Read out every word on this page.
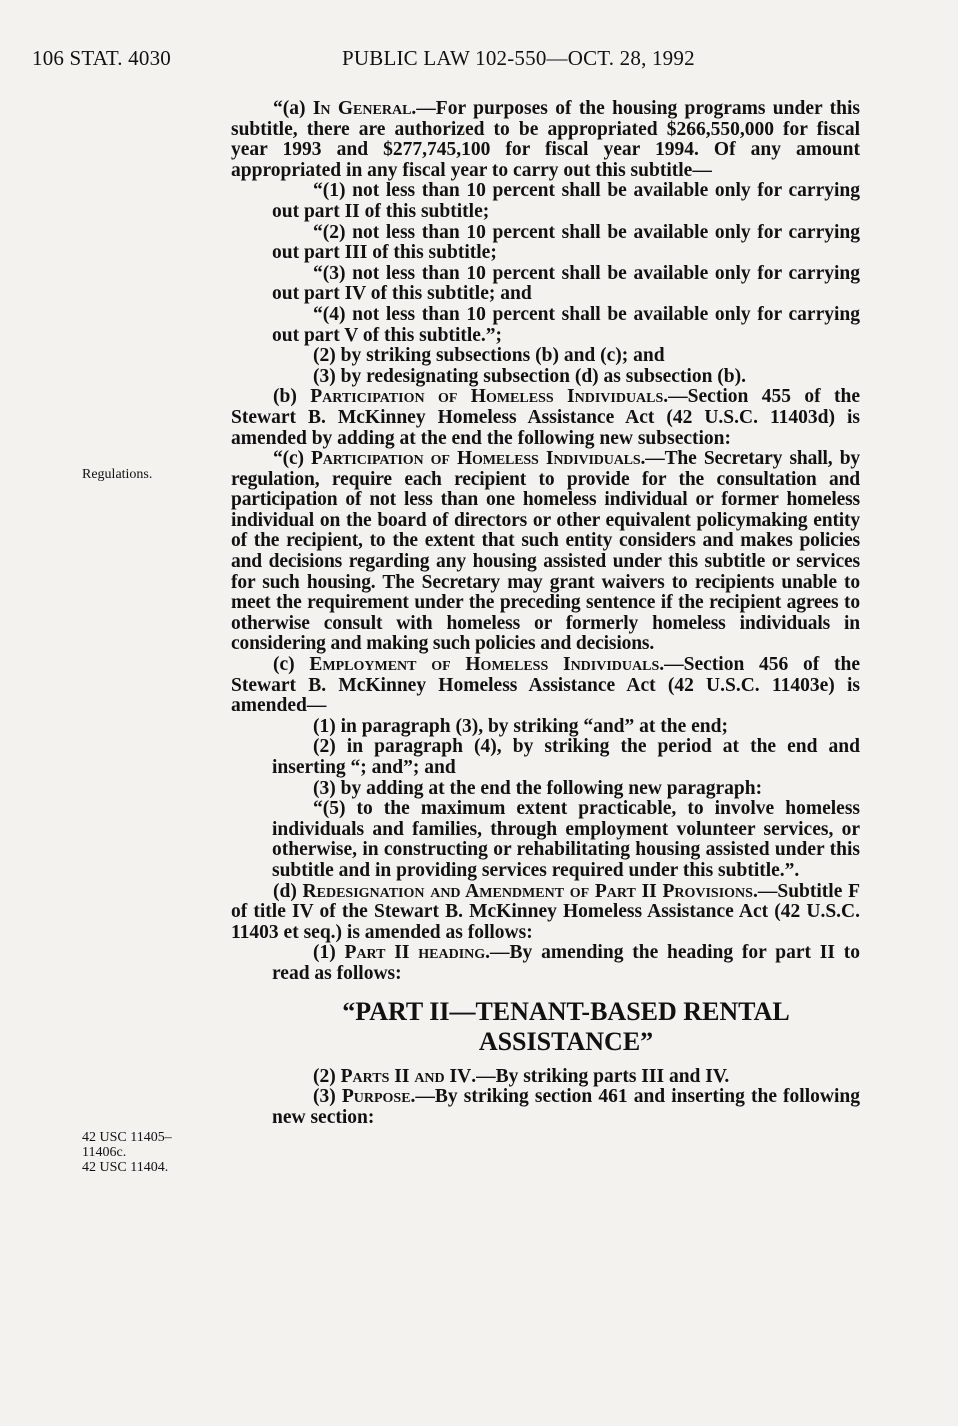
106 STAT. 4030	PUBLIC LAW 102-550—OCT. 28, 1992
Regulations.
42 USC 11405–
11406c.
42 USC 11404.

“(a) In General.—For purposes of the housing programs under this subtitle, there are authorized to be appropriated $266,550,000 for fiscal year 1993 and $277,745,100 for fiscal year 1994. Of any amount appropriated in any fiscal year to carry out this subtitle—

“(1) not less than 10 percent shall be available only for carrying out part II of this subtitle;

“(2) not less than 10 percent shall be available only for carrying out part III of this subtitle;

“(3) not less than 10 percent shall be available only for carrying out part IV of this subtitle; and

“(4) not less than 10 percent shall be available only for carrying out part V of this subtitle.”;

(2) by striking subsections (b) and (c); and

(3) by redesignating subsection (d) as subsection (b).

(b) Participation of Homeless Individuals.—Section 455 of the Stewart B. McKinney Homeless Assistance Act (42 U.S.C. 11403d) is amended by adding at the end the following new subsection:

“(c) Participation of Homeless Individuals.—The Secretary shall, by regulation, require each recipient to provide for the consultation and participation of not less than one homeless individual or former homeless individual on the board of directors or other equivalent policymaking entity of the recipient, to the extent that such entity considers and makes policies and decisions regarding any housing assisted under this subtitle or services for such housing. The Secretary may grant waivers to recipients unable to meet the requirement under the preceding sentence if the recipient agrees to otherwise consult with homeless or formerly homeless individuals in considering and making such policies and decisions.

(c) Employment of Homeless Individuals.—Section 456 of the Stewart B. McKinney Homeless Assistance Act (42 U.S.C. 11403e) is amended—

(1) in paragraph (3), by striking “and” at the end;

(2) in paragraph (4), by striking the period at the end and inserting “; and”; and

(3) by adding at the end the following new paragraph:

“(5) to the maximum extent practicable, to involve homeless individuals and families, through employment volunteer services, or otherwise, in constructing or rehabilitating housing assisted under this subtitle and in providing services required under this subtitle.”.

(d) Redesignation and Amendment of Part II Provisions.—Subtitle F of title IV of the Stewart B. McKinney Homeless Assistance Act (42 U.S.C. 11403 et seq.) is amended as follows:

(1) Part II heading.—By amending the heading for part II to read as follows:

“PART II—TENANT-BASED RENTAL
ASSISTANCE”

(2) Parts II and IV.—By striking parts III and IV.

(3) Purpose.—By striking section 461 and inserting the following new section:
